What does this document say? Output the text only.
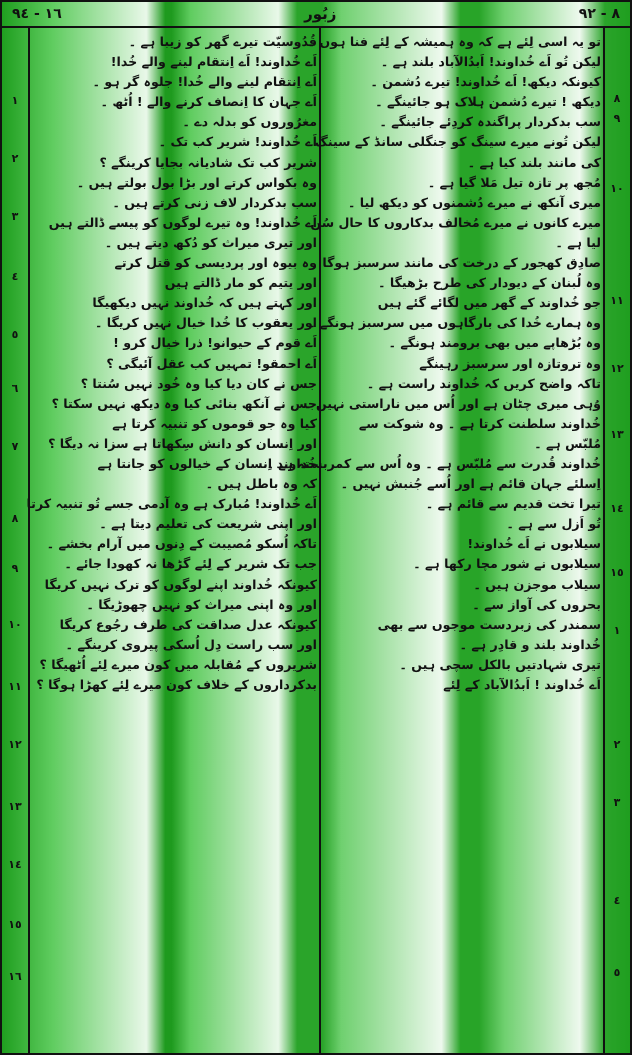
١٦ - ٩٤	زبُور	٨ - ٩٢
تو یہ اسی لِئے ہے کہ وہ ہمیشہ کے لِئے فنا ہوں ۔
لیکن تُو اَے خُداوند! اَبدُالآباد بلند ہے ۔
کیونکہ دیکھ! اَے خُداوند! تیرے دُشمن ۔
دیکھ ! تیرے دُشمن ہلاک ہو جائینگے ۔
سب بدکردار پراگندہ کردِئے جائینگے ۔
لیکن تُونے میرے سینگ کو جنگلی سانڈ کے سینگ
کی مانند بلند کیا ہے ۔
مُجھ پر تازہ تیل مَلا گیا ہے ۔
میری آنکھ نے میرے دُشمنوں کو دیکھ لیا ۔
میرے کانوں نے میرے مُخالف بدکاروں کا حال سُن
لیا ہے ۔
صادِق کھجور کے درخت کی مانند سرسبز ہوگا ۔
وہ لُبنان کے دیودار کی طرح بڑھیگا ۔
جو خُداوند کے گھر میں لگائے گئے ہیں
وہ ہمارے خُدا کی بارگاہوں میں سرسبز ہونگے ۔
وہ بُڑھاپے میں بھی برومند ہونگے ۔
وہ تروتازہ اور سرسبز رہینگے
تاکہ واضح کریں کہ خُداوند راست ہے ۔
وُہی میری چٹان ہے اور اُس میں ناراستی نہیں ۔
خُداوند سلطنت کرتا ہے ۔ وہ شوکت سے
مُلبّس ہے ۔
خُداوند قُدرت سے مُلبّس ہے ۔ وہ اُس سے کمربستہ ہے ۔
اِسلئے جہان قائم ہے اور اُسے جُنبش نہیں ۔
تیرا تخت قدیم سے قائم ہے ۔
تُو اَزل سے ہے ۔
سیلابوں نے اَے خُداوند!
سیلابوں نے شور مچا رکھا ہے ۔
سیلاب موجزن ہیں ۔
بحروں کی آواز سے ۔
سمندر کی زبردست موجوں سے بھی
خُداوند بلند و قادِر ہے ۔
تیری شہادتیں بالکل سچی ہیں ۔
اَے خُداوند ! اَبدُالآباد کے لِئے
قُدُوسیّت تیرے گھر کو زیبا ہے ۔
اَے خُداوند! اَے اِنتقام لینے والے خُدا!
اَے اِنتقام لینے والے خُدا! جلوہ گر ہو ۔
اَے جہان کا اِنصاف کرنے والے ! اُٹھ ۔
مغرُوروں کو بدلہ دے ۔
اَے خُداوند! شریر کب تک ۔
شریر کب تک شادیانہ بجایا کرینگے ؟
وہ بکواس کرتے اور بڑا بول بولتے ہیں ۔
سب بدکردار لاف زنی کرتے ہیں ۔
اَے خُداوند! وہ تیرے لوگوں کو پیسے ڈالتے ہیں
اور تیری میراث کو دُکھ دیتے ہیں ۔
وہ بیوہ اور پردیسی کو قتل کرتے
اور یتیم کو مار ڈالتے ہیں
اور کہتے ہیں کہ خُداوند نہیں دیکھیگا
اور یعقوب کا خُدا خیال نہیں کریگا ۔
اَے قوم کے حیوانو! ذرا خیال کرو !
اَے احمقو! تمہیں کب عقل آئیگی ؟
جس نے کان دیا کیا وہ خُود نہیں سُنتا ؟
جس نے آنکھ بنائی کیا وہ دیکھ نہیں سکتا ؟
کیا وہ جو قوموں کو تنبیہ کرتا ہے
اور اِنسان کو دانش سِکھاتا ہے سزا نہ دیگا ؟
خُداوند اِنسان کے خیالوں کو جانتا ہے
کہ وہ باطل ہیں ۔
اَے خُداوند! مُبارک ہے وہ آدمی جسے تُو تنبیہ کرتا
اور اپنی شریعت کی تعلیم دیتا ہے ۔
تاکہ اُسکو مُصیبت کے دِنوں میں آرام بخشے ۔
جب تک شریر کے لِئے گڑھا نہ کھودا جائے ۔
کیونکہ خُداوند اپنے لوگوں کو ترک نہیں کریگا
اور وہ اپنی میراث کو نہیں چھوڑیگا ۔
کیونکہ عدل صداقت کی طرف رجُوع کریگا
اور سب راست دِل اُسکی پیروی کرینگے ۔
شریروں کے مُقابلہ میں کون میرے لِئے اُٹھیگا ؟
بدکرداروں کے خلاف کون میرے لِئے کھڑا ہوگا ؟
٨
٩
١٠
١١
١٢
١٣
١٤
١٥
١
٢
٣
٤
٥
١
٢
٣
٤
٥
٦
٧
٨
٩
١٠
١١
١٢
١٣
١٤
١٥
١٦
